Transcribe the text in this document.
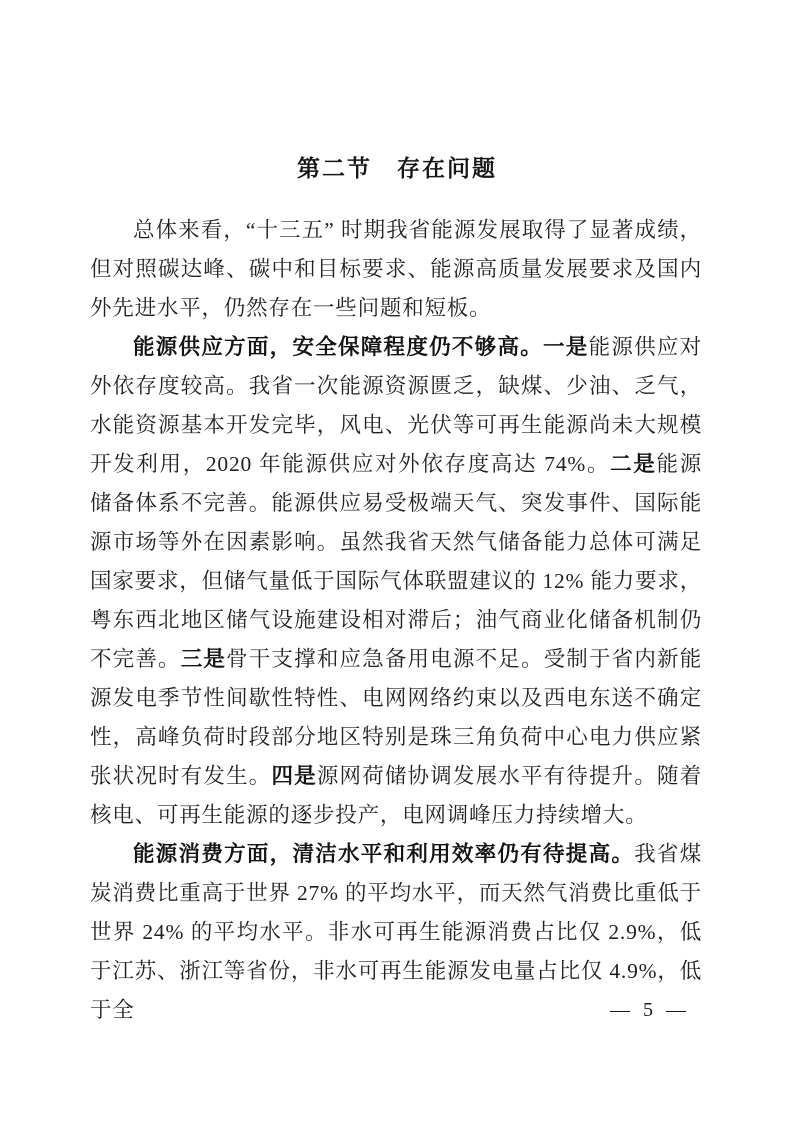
第二节　存在问题

总体来看，“十三五” 时期我省能源发展取得了显著成绩，但对照碳达峰、碳中和目标要求、能源高质量发展要求及国内外先进水平，仍然存在一些问题和短板。

能源供应方面，安全保障程度仍不够高。一是能源供应对外依存度较高。我省一次能源资源匮乏，缺煤、少油、乏气，水能资源基本开发完毕，风电、光伏等可再生能源尚未大规模开发利用，2020 年能源供应对外依存度高达 74%。二是能源储备体系不完善。能源供应易受极端天气、突发事件、国际能源市场等外在因素影响。虽然我省天然气储备能力总体可满足国家要求，但储气量低于国际气体联盟建议的 12% 能力要求，粤东西北地区储气设施建设相对滞后；油气商业化储备机制仍不完善。三是骨干支撑和应急备用电源不足。受制于省内新能源发电季节性间歇性特性、电网网络约束以及西电东送不确定性，高峰负荷时段部分地区特别是珠三角负荷中心电力供应紧张状况时有发生。四是源网荷储协调发展水平有待提升。随着核电、可再生能源的逐步投产，电网调峰压力持续增大。

能源消费方面，清洁水平和利用效率仍有待提高。我省煤炭消费比重高于世界 27% 的平均水平，而天然气消费比重低于世界 24% 的平均水平。非水可再生能源消费占比仅 2.9%，低于江苏、浙江等省份，非水可再生能源发电量占比仅 4.9%，低于全	— 5 —
